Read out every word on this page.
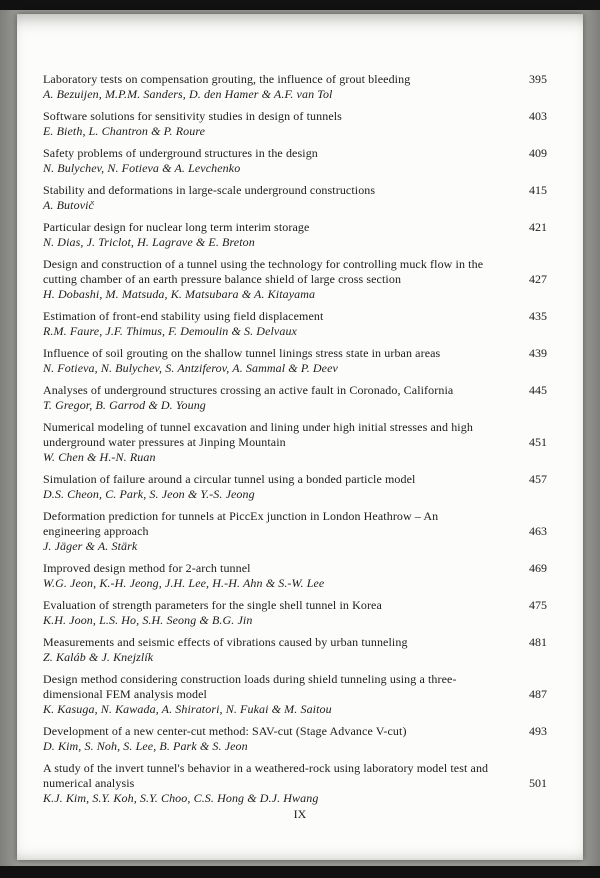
Laboratory tests on compensation grouting, the influence of grout bleeding	395
A. Bezuijen, M.P.M. Sanders, D. den Hamer & A.F. van Tol
Software solutions for sensitivity studies in design of tunnels	403
E. Bieth, L. Chantron & P. Roure
Safety problems of underground structures in the design	409
N. Bulychev, N. Fotieva & A. Levchenko
Stability and deformations in large-scale underground constructions	415
A. Butovič
Particular design for nuclear long term interim storage	421
N. Dias, J. Triclot, H. Lagrave & E. Breton
Design and construction of a tunnel using the technology for controlling muck flow in the cutting chamber of an earth pressure balance shield of large cross section	427
H. Dobashi, M. Matsuda, K. Matsubara & A. Kitayama
Estimation of front-end stability using field displacement	435
R.M. Faure, J.F. Thimus, F. Demoulin & S. Delvaux
Influence of soil grouting on the shallow tunnel linings stress state in urban areas	439
N. Fotieva, N. Bulychev, S. Antziferov, A. Sammal & P. Deev
Analyses of underground structures crossing an active fault in Coronado, California	445
T. Gregor, B. Garrod & D. Young
Numerical modeling of tunnel excavation and lining under high initial stresses and high underground water pressures at Jinping Mountain	451
W. Chen & H.-N. Ruan
Simulation of failure around a circular tunnel using a bonded particle model	457
D.S. Cheon, C. Park, S. Jeon & Y.-S. Jeong
Deformation prediction for tunnels at PiccEx junction in London Heathrow – An engineering approach	463
J. Jäger & A. Stärk
Improved design method for 2-arch tunnel	469
W.G. Jeon, K.-H. Jeong, J.H. Lee, H.-H. Ahn & S.-W. Lee
Evaluation of strength parameters for the single shell tunnel in Korea	475
K.H. Joon, L.S. Ho, S.H. Seong & B.G. Jin
Measurements and seismic effects of vibrations caused by urban tunneling	481
Z. Kaláb & J. Knejzlík
Design method considering construction loads during shield tunneling using a three-dimensional FEM analysis model	487
K. Kasuga, N. Kawada, A. Shiratori, N. Fukai & M. Saitou
Development of a new center-cut method: SAV-cut (Stage Advance V-cut)	493
D. Kim, S. Noh, S. Lee, B. Park & S. Jeon
A study of the invert tunnel's behavior in a weathered-rock using laboratory model test and numerical analysis	501
K.J. Kim, S.Y. Koh, S.Y. Choo, C.S. Hong & D.J. Hwang
IX
